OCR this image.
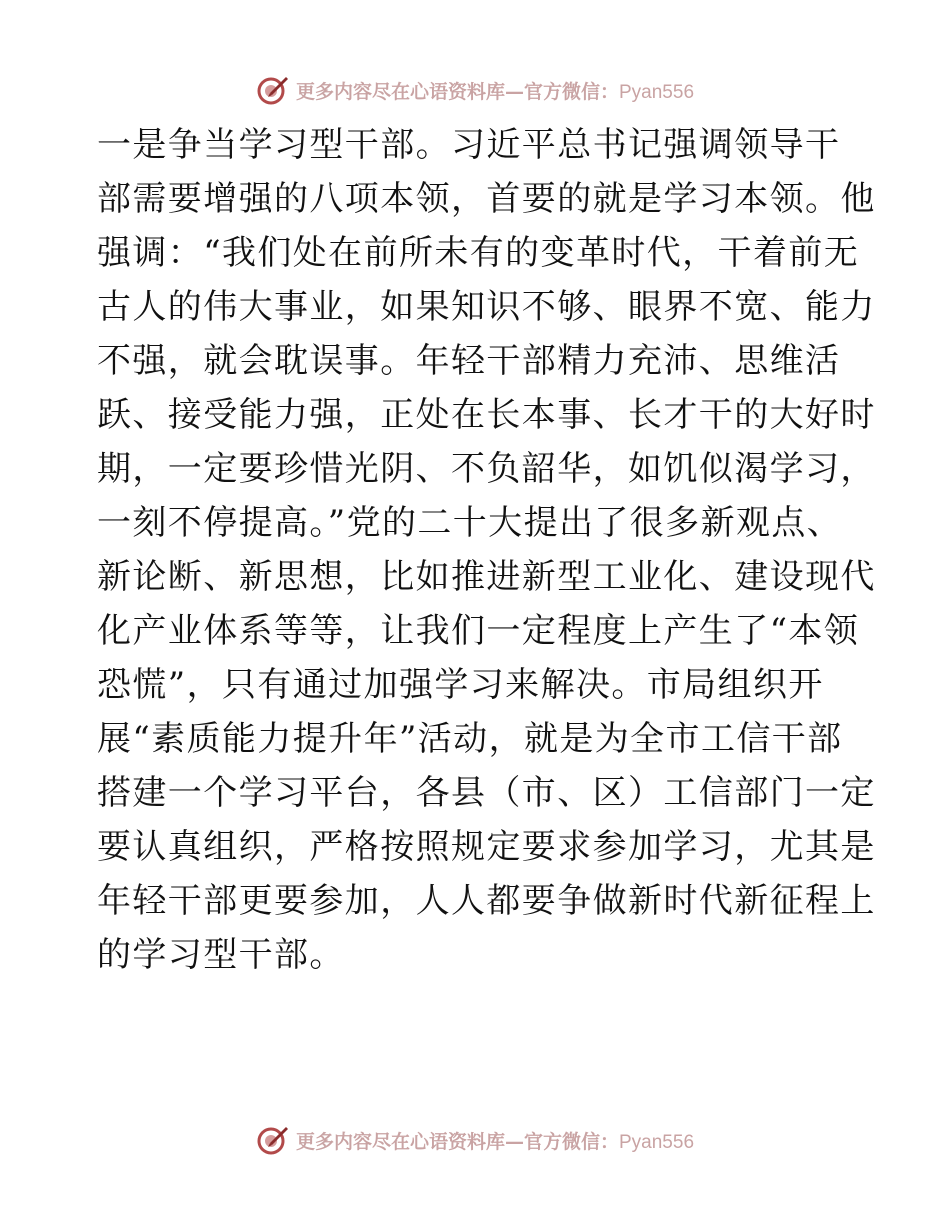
更多内容尽在心语资料库—官方微信：Pyan556
一是争当学习型干部。习近平总书记强调领导干
部需要增强的八项本领，首要的就是学习本领。他
强调：“我们处在前所未有的变革时代，干着前无
古人的伟大事业，如果知识不够、眼界不宽、能力
不强，就会耽误事。年轻干部精力充沛、思维活
跃、接受能力强，正处在长本事、长才干的大好时
期，一定要珍惜光阴、不负韶华，如饥似渴学习，
一刻不停提高。”党的二十大提出了很多新观点、
新论断、新思想，比如推进新型工业化、建设现代
化产业体系等等，让我们一定程度上产生了“本领
恐慌”，只有通过加强学习来解决。市局组织开
展“素质能力提升年”活动，就是为全市工信干部
搭建一个学习平台，各县（市、区）工信部门一定
要认真组织，严格按照规定要求参加学习，尤其是
年轻干部更要参加，人人都要争做新时代新征程上
的学习型干部。
更多内容尽在心语资料库—官方微信：Pyan556
